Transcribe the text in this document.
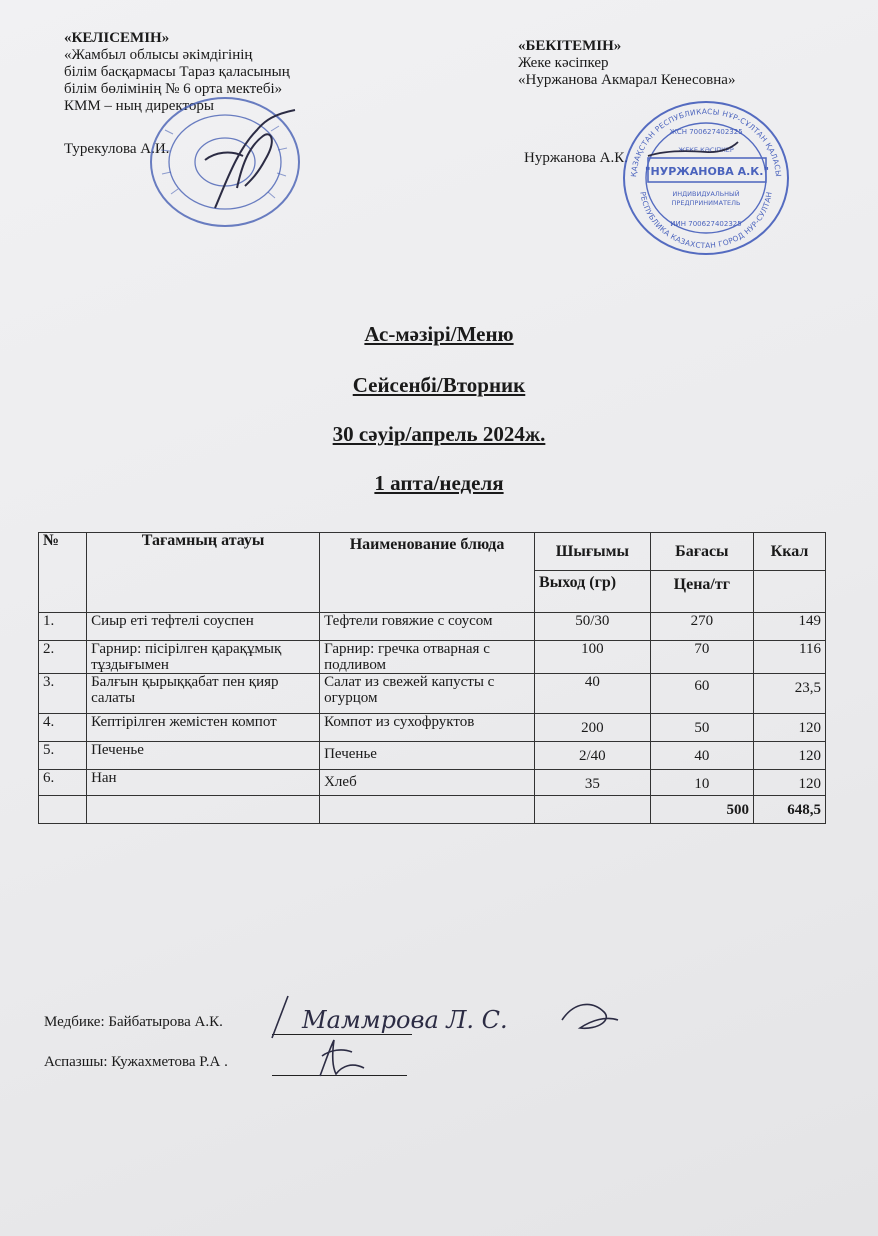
«КЕЛІСЕМІН»
«Жамбыл облысы әкімдігінің
білім басқармасы Тараз қаласының
білім бөлімінің № 6 орта мектебі»
КММ – ның директоры
Турекулова А.И.
«БЕКІТЕМІН»
Жеке кәсіпкер
«Нуржанова Акмарал Кенесовна»
Нуржанова А.К.
ҚАЗАҚСТАН РЕСПУБЛИКАСЫ НҰР-СҰЛТАН ҚАЛАСЫ
РЕСПУБЛИКА КАЗАХСТАН ГОРОД НУР-СУЛТАН
ЖСН 700627402325
ЖЕКЕ КӘСІПКЕР
"НУРЖАНОВА А.К."
ИНДИВИДУАЛЬНЫЙ
ПРЕДПРИНИМАТЕЛЬ
ИИН 700627402325
Ас-мәзірі/Меню
Сейсенбі/Вторник
30 сәуір/апрель 2024ж.
1 апта/неделя
№	Тағамның атауы	Наименование блюда	Шығымы	Бағасы	Ккал
			Выход (гр)	Цена/тг	
1.	Сиыр еті тефтелі соуспен	Тефтели говяжие с соусом	50/30	270	149
2.	Гарнир: пісірілген қарақұмық тұздығымен	Гарнир: гречка отварная с подливом	100	70	116
3.	Балғын қырыққабат пен қияр салаты	Салат из свежей капусты с огурцом	40	60	23,5
4.	Кептірілген жемістен компот	Компот из сухофруктов	200	50	120
5.	Печенье	Печенье	2/40	40	120
6.	Нан	Хлеб	35	10	120
				500	648,5
Медбике: Байбатырова А.К.	Маммрова Л. С.
Аспазшы: Кужахметова Р.А .
